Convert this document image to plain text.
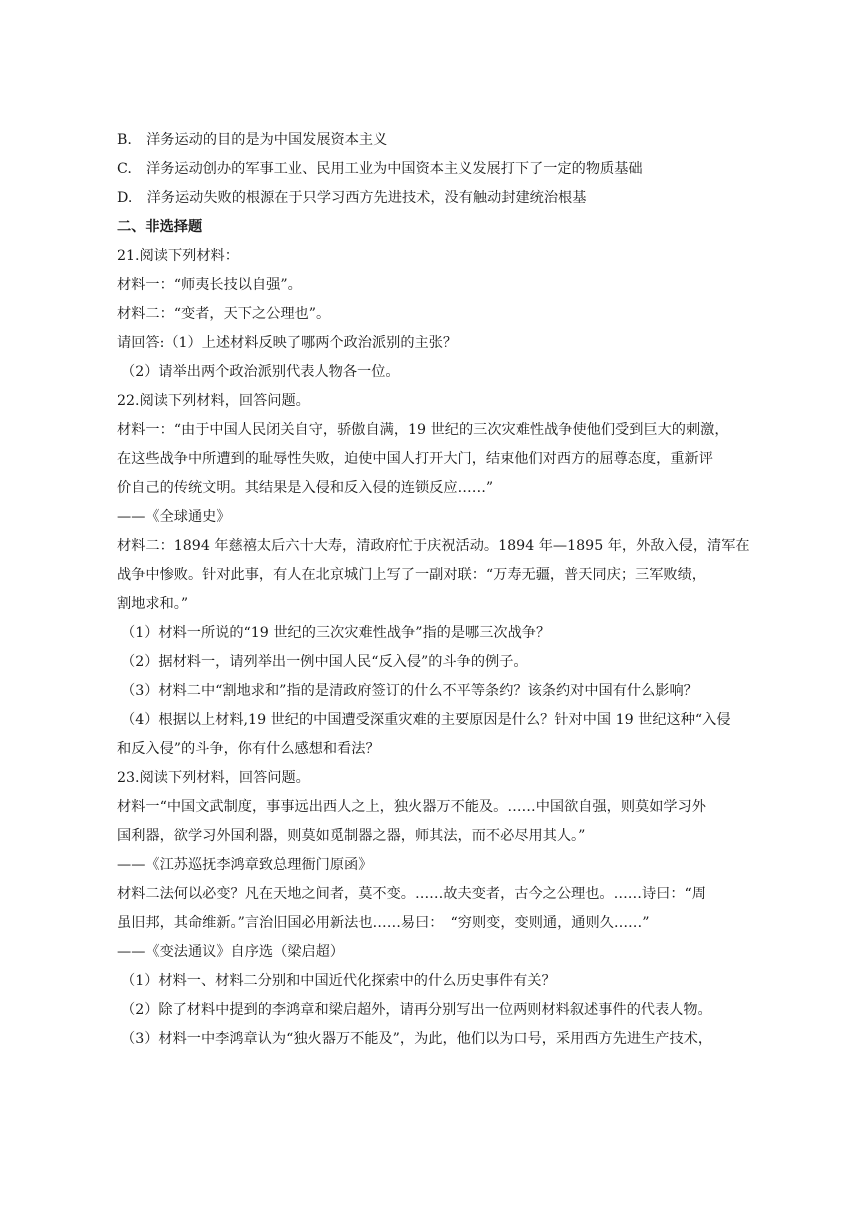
B.　洋务运动的目的是为中国发展资本主义
C.　洋务运动创办的军事工业、民用工业为中国资本主义发展打下了一定的物质基础
D.　洋务运动失败的根源在于只学习西方先进技术，没有触动封建统治根基
二、非选择题
21.阅读下列材料：
材料一：“师夷长技以自强”。
材料二：“变者，天下之公理也”。
请回答:（1）上述材料反映了哪两个政治派别的主张？
（2）请举出两个政治派别代表人物各一位。
22.阅读下列材料，回答问题。
材料一：“由于中国人民闭关自守，骄傲自满，19 世纪的三次灾难性战争使他们受到巨大的刺激，
在这些战争中所遭到的耻辱性失败，迫使中国人打开大门，结束他们对西方的屈尊态度，重新评
价自己的传统文明。其结果是入侵和反入侵的连锁反应……”
——《全球通史》
材料二：1894 年慈禧太后六十大寿，清政府忙于庆祝活动。1894 年—1895 年，外敌入侵，清军在
战争中惨败。针对此事，有人在北京城门上写了一副对联：“万寿无疆，普天同庆；三军败绩，
割地求和。”
（1）材料一所说的“19 世纪的三次灾难性战争”指的是哪三次战争？
（2）据材料一，请列举出一例中国人民“反入侵”的斗争的例子。
（3）材料二中“割地求和”指的是清政府签订的什么不平等条约？该条约对中国有什么影响？
（4）根据以上材料,19 世纪的中国遭受深重灾难的主要原因是什么？针对中国 19 世纪这种“入侵
和反入侵”的斗争，你有什么感想和看法？
23.阅读下列材料，回答问题。
材料一“中国文武制度，事事远出西人之上，独火器万不能及。……中国欲自强，则莫如学习外
国利器，欲学习外国利器，则莫如觅制器之器，师其法，而不必尽用其人。”
——《江苏巡抚李鸿章致总理衙门原函》
材料二法何以必变？凡在天地之间者，莫不变。……故夫变者，古今之公理也。……诗曰：“周
虽旧邦，其命维新。”言治旧国必用新法也……易曰：　“穷则变，变则通，通则久……”
——《变法通议》自序选（梁启超）
（1）材料一、材料二分别和中国近代化探索中的什么历史事件有关？
（2）除了材料中提到的李鸿章和梁启超外，请再分别写出一位两则材料叙述事件的代表人物。
（3）材料一中李鸿章认为“独火器万不能及”，为此，他们以为口号，采用西方先进生产技术，
